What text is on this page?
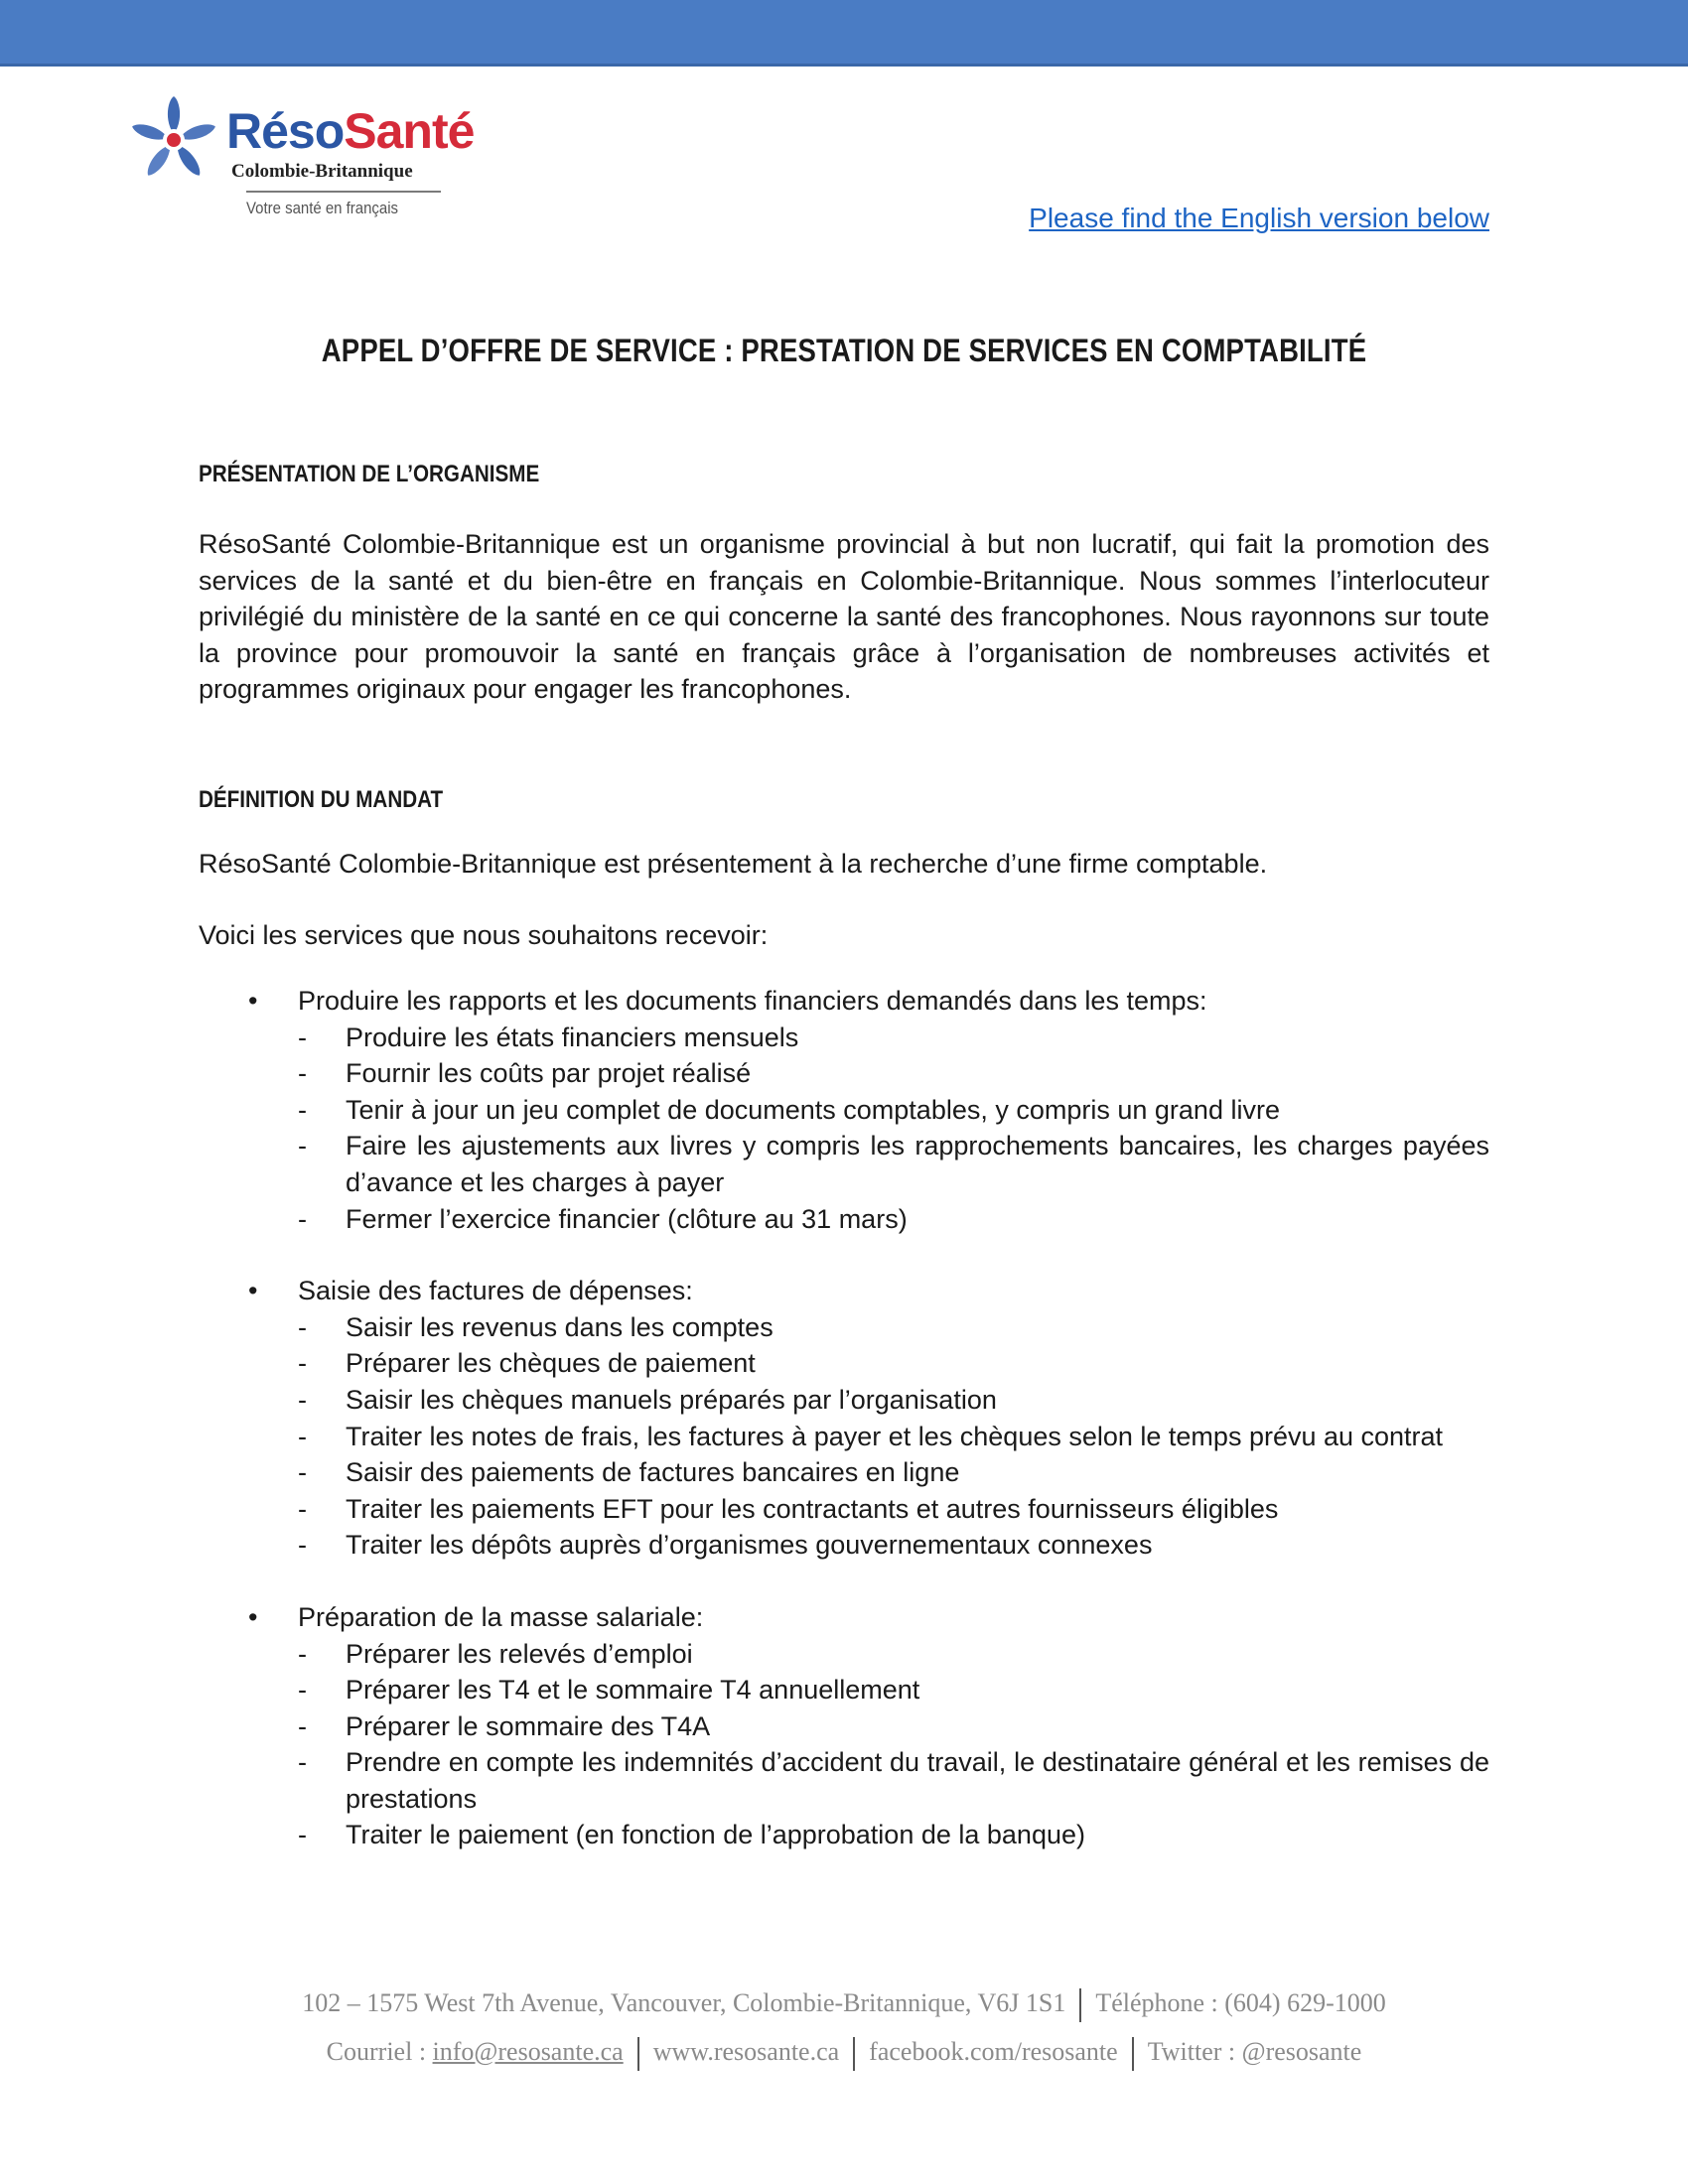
RésoSanté
Colombie-Britannique
Votre santé en français	Please find the English version below
APPEL D’OFFRE DE SERVICE : PRESTATION DE SERVICES EN COMPTABILITÉ
PRÉSENTATION DE L’ORGANISME
RésoSanté Colombie-Britannique est un organisme provincial à but non lucratif, qui fait la promotion des services de la santé et du bien-être en français en Colombie-Britannique. Nous sommes l’interlocuteur privilégié du ministère de la santé en ce qui concerne la santé des francophones. Nous rayonnons sur toute la province pour promouvoir la santé en français grâce à l’organisation de nombreuses activités et programmes originaux pour engager les francophones.
DÉFINITION DU MANDAT
RésoSanté Colombie-Britannique est présentement à la recherche d’une firme comptable.
Voici les services que nous souhaitons recevoir:
•	Produire les rapports et les documents financiers demandés dans les temps:
- Produire les états financiers mensuels
- Fournir les coûts par projet réalisé
- Tenir à jour un jeu complet de documents comptables, y compris un grand livre
- Faire les ajustements aux livres y compris les rapprochements bancaires, les charges payées d’avance et les charges à payer
- Fermer l’exercice financier (clôture au 31 mars)
•	Saisie des factures de dépenses:
- Saisir les revenus dans les comptes
- Préparer les chèques de paiement
- Saisir les chèques manuels préparés par l’organisation
- Traiter les notes de frais, les factures à payer et les chèques selon le temps prévu au contrat
- Saisir des paiements de factures bancaires en ligne
- Traiter les paiements EFT pour les contractants et autres fournisseurs éligibles
- Traiter les dépôts auprès d’organismes gouvernementaux connexes
•	Préparation de la masse salariale:
- Préparer les relevés d’emploi
- Préparer les T4 et le sommaire T4 annuellement
- Préparer le sommaire des T4A
- Prendre en compte les indemnités d’accident du travail, le destinataire général et les remises de prestations
- Traiter le paiement (en fonction de l’approbation de la banque)
102 – 1575 West 7th Avenue, Vancouver, Colombie-Britannique, V6J 1S1 Téléphone : (604) 629-1000
Courriel : info@resosante.ca www.resosante.ca facebook.com/resosante Twitter : @resosante
